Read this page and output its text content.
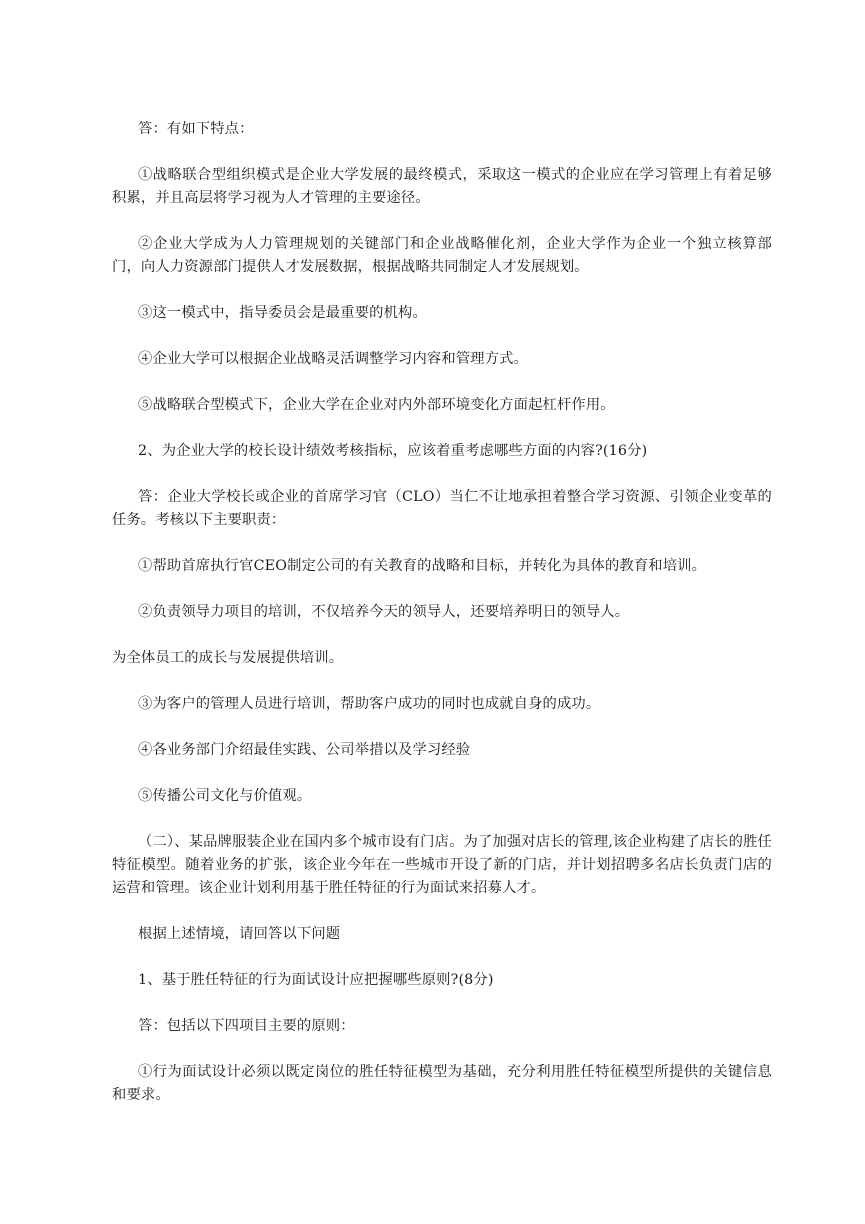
答：有如下特点：

①战略联合型组织模式是企业大学发展的最终模式，采取这一模式的企业应在学习管理上有着足够积累，并且高层将学习视为人才管理的主要途径。

②企业大学成为人力管理规划的关键部门和企业战略催化剂，企业大学作为企业一个独立核算部门，向人力资源部门提供人才发展数据，根据战略共同制定人才发展规划。

③这一模式中，指导委员会是最重要的机构。

④企业大学可以根据企业战略灵活调整学习内容和管理方式。

⑤战略联合型模式下，企业大学在企业对内外部环境变化方面起杠杆作用。

2、为企业大学的校长设计绩效考核指标，应该着重考虑哪些方面的内容?(16分)

答：企业大学校长或企业的首席学习官（CLO）当仁不让地承担着整合学习资源、引领企业变革的任务。考核以下主要职责：

①帮助首席执行官CEO制定公司的有关教育的战略和目标，并转化为具体的教育和培训。

②负责领导力项目的培训，不仅培养今天的领导人，还要培养明日的领导人。

为全体员工的成长与发展提供培训。

③为客户的管理人员进行培训，帮助客户成功的同时也成就自身的成功。

④各业务部门介绍最佳实践、公司举措以及学习经验

⑤传播公司文化与价值观。

（二）、某品牌服装企业在国内多个城市设有门店。为了加强对店长的管理,该企业构建了店长的胜任特征模型。随着业务的扩张，该企业今年在一些城市开设了新的门店，并计划招聘多名店长负责门店的运营和管理。该企业计划利用基于胜任特征的行为面试来招募人才。

根据上述情境，请回答以下问题

1、基于胜任特征的行为面试设计应把握哪些原则?(8分)

答：包括以下四项目主要的原则：

①行为面试设计必须以既定岗位的胜任特征模型为基础，充分利用胜任特征模型所提供的关键信息和要求。
